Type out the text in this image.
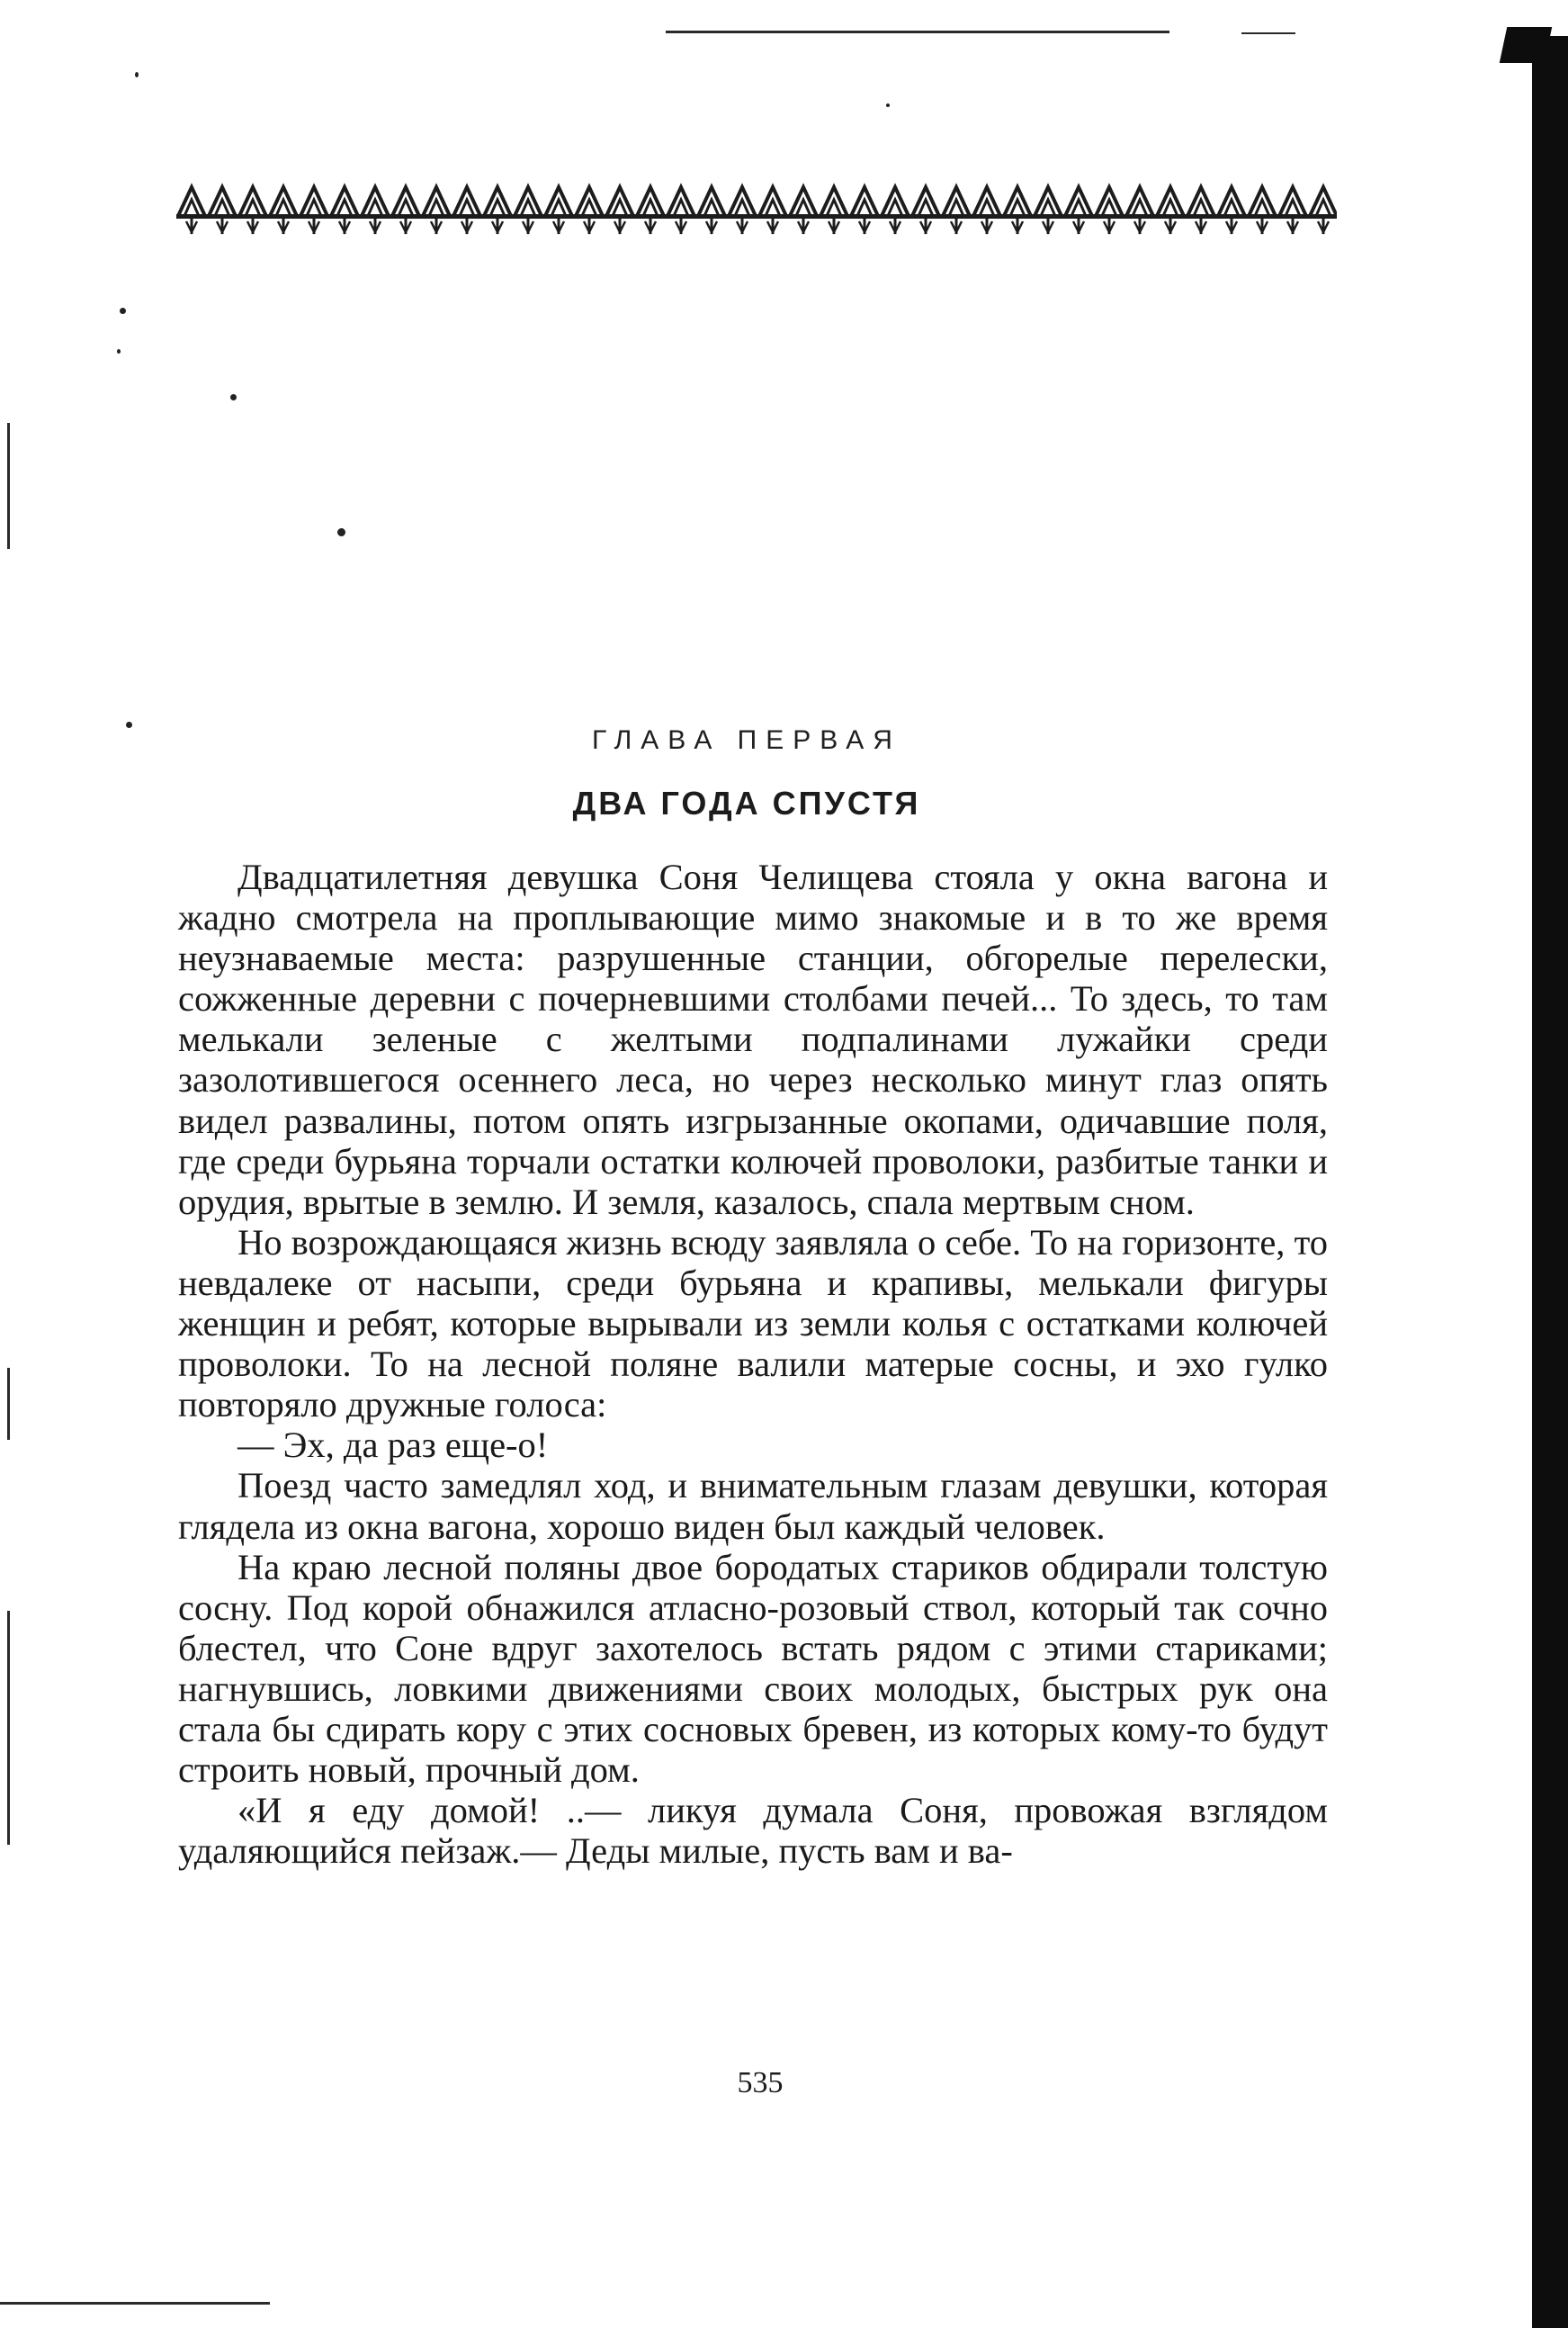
ГЛАВА ПЕРВАЯ
ДВА ГОДА СПУСТЯ

Двадцатилетняя девушка Соня Челищева стояла у окна вагона и жадно смотрела на проплывающие мимо знакомые и в то же время неузнаваемые места: разрушенные станции, обгорелые перелески, сожженные деревни с почерневшими столбами печей... То здесь, то там мелькали зеленые с желтыми подпалинами лужайки среди зазолотившегося осеннего леса, но через несколько минут глаз опять видел развалины, потом опять изгрызанные окопами, одичавшие поля, где среди бурьяна торчали остатки колючей проволоки, разбитые танки и орудия, врытые в землю. И земля, казалось, спала мертвым сном.

Но возрождающаяся жизнь всюду заявляла о себе. То на горизонте, то невдалеке от насыпи, среди бурьяна и крапивы, мелькали фигуры женщин и ребят, которые вырывали из земли колья с остатками колючей проволоки. То на лесной поляне валили матерые сосны, и эхо гулко повторяло дружные голоса:

— Эх, да раз еще-о!

Поезд часто замедлял ход, и внимательным глазам девушки, которая глядела из окна вагона, хорошо виден был каждый человек.

На краю лесной поляны двое бородатых стариков обдирали толстую сосну. Под корой обнажился атласно-розовый ствол, который так сочно блестел, что Соне вдруг захотелось встать рядом с этими стариками; нагнувшись, ловкими движениями своих молодых, быстрых рук она стала бы сдирать кору с этих сосновых бревен, из которых кому-то будут строить новый, прочный дом.

«И я еду домой! ..— ликуя думала Соня, провожая взглядом удаляющийся пейзаж.— Деды милые, пусть вам и ва-

535
